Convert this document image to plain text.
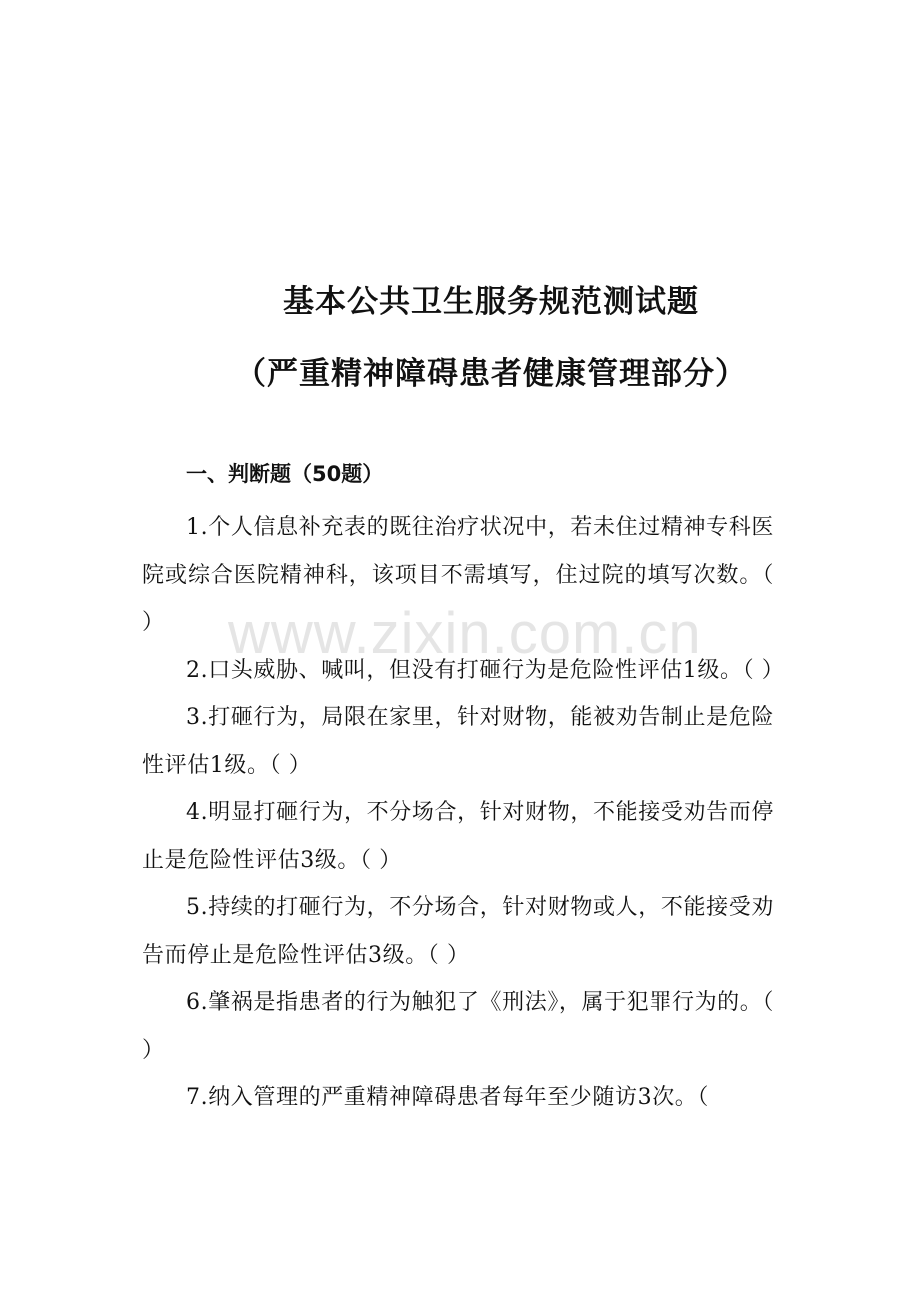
基本公共卫生服务规范测试题
（严重精神障碍患者健康管理部分）
一、判断题（50题）

1.个人信息补充表的既往治疗状况中，若未住过精神专科医院或综合医院精神科，该项目不需填写，住过院的填写次数。（ ）

2.口头威胁、喊叫，但没有打砸行为是危险性评估1级。（ ）

3.打砸行为，局限在家里，针对财物，能被劝告制止是危险性评估1级。（ ）

4.明显打砸行为，不分场合，针对财物，不能接受劝告而停止是危险性评估3级。（ ）

5.持续的打砸行为，不分场合，针对财物或人，不能接受劝告而停止是危险性评估3级。（ ）

6.肇祸是指患者的行为触犯了《刑法》，属于犯罪行为的。（ ）

7.纳入管理的严重精神障碍患者每年至少随访3次。（

www.zixin.com.cn
